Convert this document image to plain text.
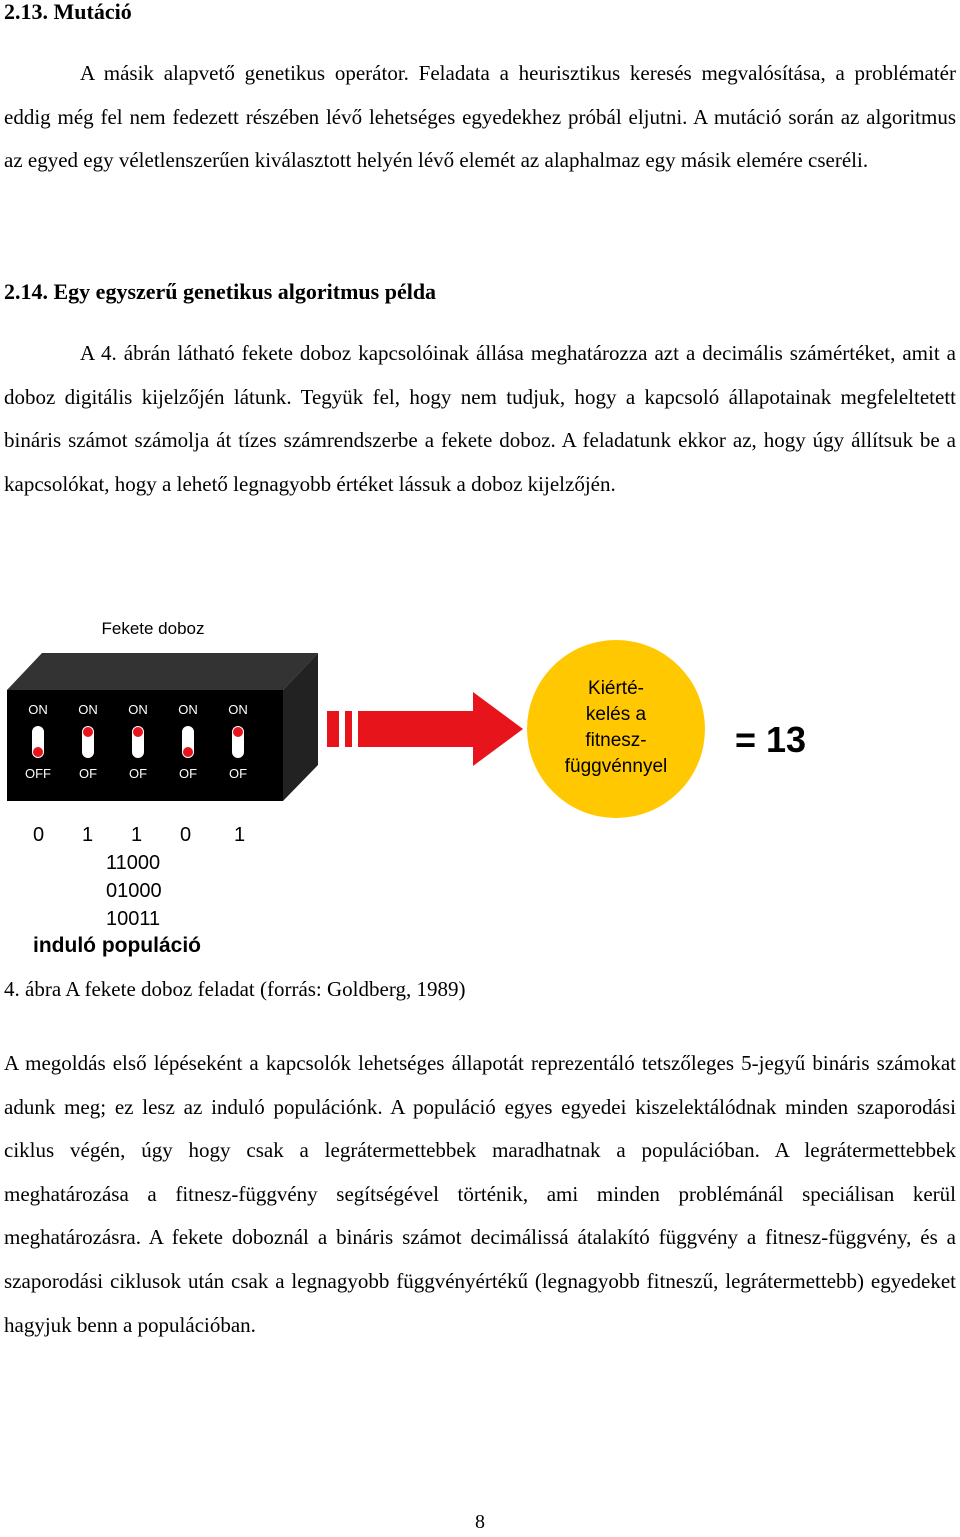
2.13. Mutáció

A másik alapvető genetikus operátor. Feladata a heurisztikus keresés megvalósítása, a problématér eddig még fel nem fedezett részében lévő lehetséges egyedekhez próbál eljutni. A mutáció során az algoritmus az egyed egy véletlenszerűen kiválasztott helyén lévő elemét az alaphalmaz egy másik elemére cseréli.

2.14. Egy egyszerű genetikus algoritmus példa

A 4. ábrán látható fekete doboz kapcsolóinak állása meghatározza azt a decimális számértéket, amit a doboz digitális kijelzőjén látunk. Tegyük fel, hogy nem tudjuk, hogy a kapcsoló állapotainak megfeleltetett bináris számot számolja át tízes számrendszerbe a fekete doboz. A feladatunk ekkor az, hogy úgy állítsuk be a kapcsolókat, hogy a lehető legnagyobb értéket lássuk a doboz kijelzőjén.

Fekete doboz
ON
OFF
ON
OF
ON
OF
ON
OF
ON
OF
Kiérté-kelés a fitnesz-függvénnyel
= 13
0 1 1 0 1
11000
01000
10011
induló populáció

4. ábra A fekete doboz feladat (forrás: Goldberg, 1989)

A megoldás első lépéseként a kapcsolók lehetséges állapotát reprezentáló tetszőleges 5-jegyű bináris számokat adunk meg; ez lesz az induló populációnk. A populáció egyes egyedei kiszelektálódnak minden szaporodási ciklus végén, úgy hogy csak a legrátermettebbek maradhatnak a populációban. A legrátermettebbek meghatározása a fitnesz-függvény segítségével történik, ami minden problémánál speciálisan kerül meghatározásra. A fekete doboznál a bináris számot decimálissá átalakító függvény a fitnesz-függvény, és a szaporodási ciklusok után csak a legnagyobb függvényértékű (legnagyobb fitneszű, legrátermettebb) egyedeket hagyjuk benn a populációban.

8
